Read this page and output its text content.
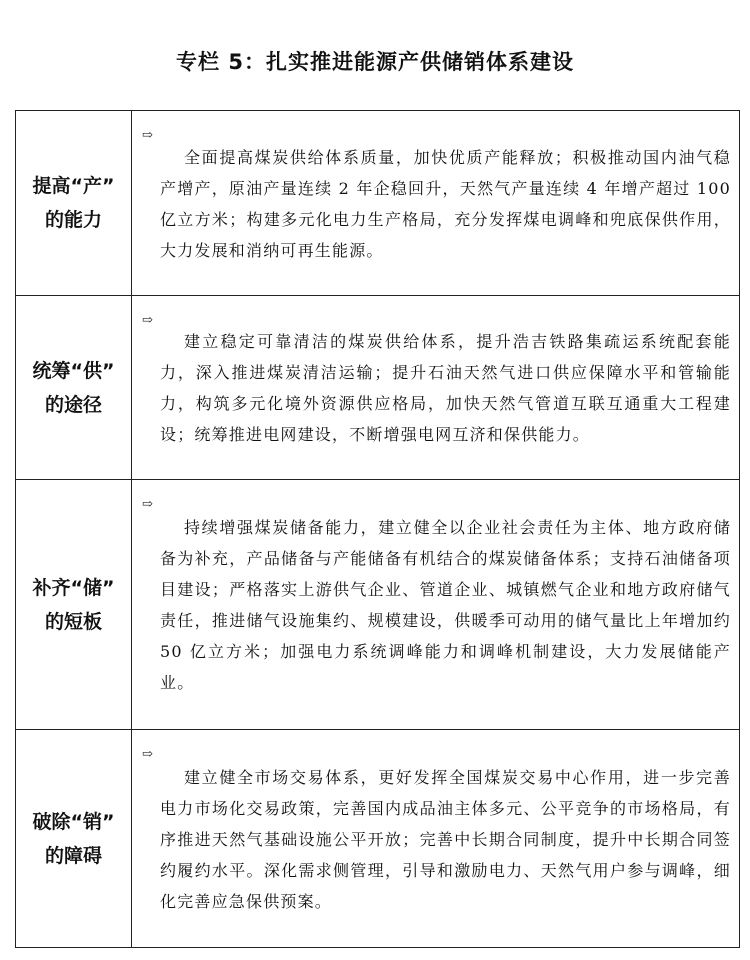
专栏 5：扎实推进能源产供储销体系建设
提高“产”
的能力	⇨
全面提高煤炭供给体系质量，加快优质产能释放；积极推动国内油气稳产增产，原油产量连续 2 年企稳回升，天然气产量连续 4 年增产超过 100 亿立方米；构建多元化电力生产格局，充分发挥煤电调峰和兜底保供作用，大力发展和消纳可再生能源。

统筹“供”
的途径	⇨
建立稳定可靠清洁的煤炭供给体系，提升浩吉铁路集疏运系统配套能力，深入推进煤炭清洁运输；提升石油天然气进口供应保障水平和管输能力，构筑多元化境外资源供应格局，加快天然气管道互联互通重大工程建设；统筹推进电网建设，不断增强电网互济和保供能力。

补齐“储”
的短板	⇨
持续增强煤炭储备能力，建立健全以企业社会责任为主体、地方政府储备为补充，产品储备与产能储备有机结合的煤炭储备体系；支持石油储备项目建设；严格落实上游供气企业、管道企业、城镇燃气企业和地方政府储气责任，推进储气设施集约、规模建设，供暖季可动用的储气量比上年增加约 50 亿立方米；加强电力系统调峰能力和调峰机制建设，大力发展储能产业。

破除“销”
的障碍	⇨
建立健全市场交易体系，更好发挥全国煤炭交易中心作用，进一步完善电力市场化交易政策，完善国内成品油主体多元、公平竞争的市场格局，有序推进天然气基础设施公平开放；完善中长期合同制度，提升中长期合同签约履约水平。深化需求侧管理，引导和激励电力、天然气用户参与调峰，细化完善应急保供预案。
